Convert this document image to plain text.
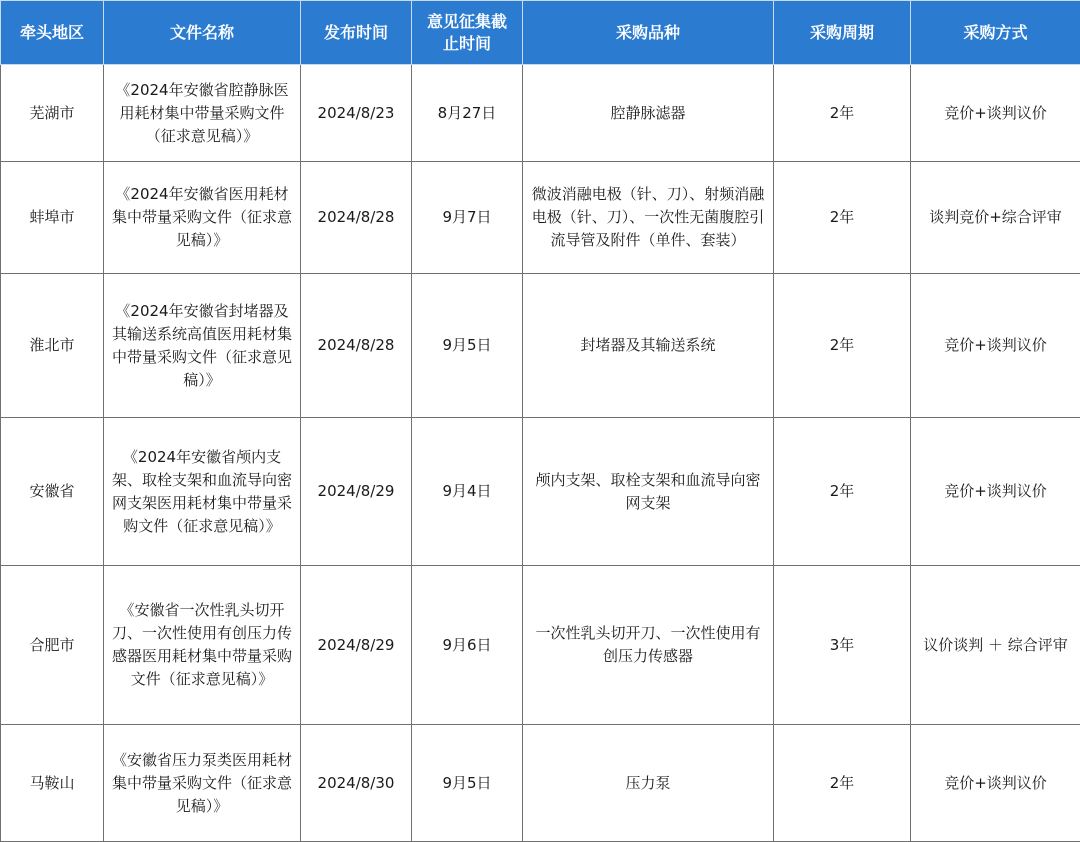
牵头地区	文件名称	发布时间	意见征集截止时间	采购品种	采购周期	采购方式
芜湖市	《2024年安徽省腔静脉医用耗材集中带量采购文件（征求意见稿）》	2024/8/23	8月27日	腔静脉滤器	2年	竞价+谈判议价
蚌埠市	《2024年安徽省医用耗材集中带量采购文件（征求意见稿）》	2024/8/28	9月7日	微波消融电极（针、刀）、射频消融电极（针、刀）、一次性无菌腹腔引流导管及附件（单件、套装）	2年	谈判竞价+综合评审
淮北市	《2024年安徽省封堵器及其输送系统高值医用耗材集中带量采购文件（征求意见稿）》	2024/8/28	9月5日	封堵器及其输送系统	2年	竞价+谈判议价
安徽省	《2024年安徽省颅内支架、取栓支架和血流导向密网支架医用耗材集中带量采购文件（征求意见稿）》	2024/8/29	9月4日	颅内支架、取栓支架和血流导向密网支架	2年	竞价+谈判议价
合肥市	《安徽省一次性乳头切开刀、一次性使用有创压力传感器医用耗材集中带量采购文件（征求意见稿）》	2024/8/29	9月6日	一次性乳头切开刀、一次性使用有创压力传感器	3年	议价谈判 ＋ 综合评审
马鞍山	《安徽省压力泵类医用耗材集中带量采购文件（征求意见稿）》	2024/8/30	9月5日	压力泵	2年	竞价+谈判议价
